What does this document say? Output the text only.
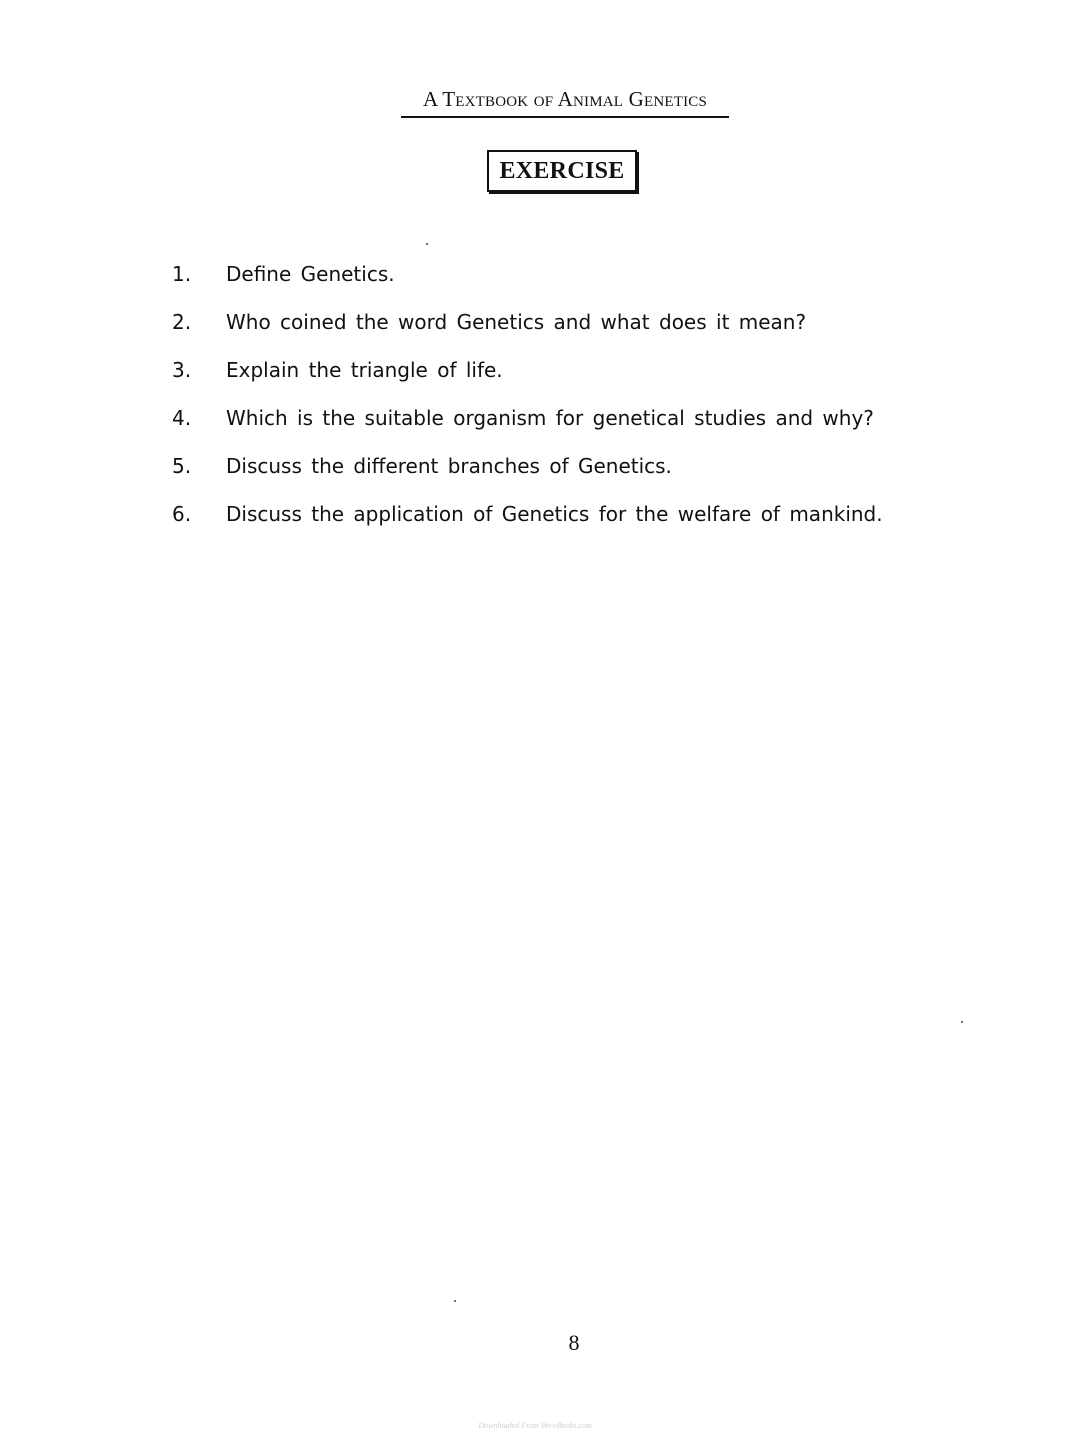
A Textbook of Animal Genetics
EXERCISE
1.	Define Genetics.
2.	Who coined the word Genetics and what does it mean?
3.	Explain the triangle of life.
4.	Which is the suitable organism for genetical studies and why?
5.	Discuss the different branches of Genetics.
6.	Discuss the application of Genetics for the welfare of mankind.
8
Downloaded From Vet-eBooks.com
